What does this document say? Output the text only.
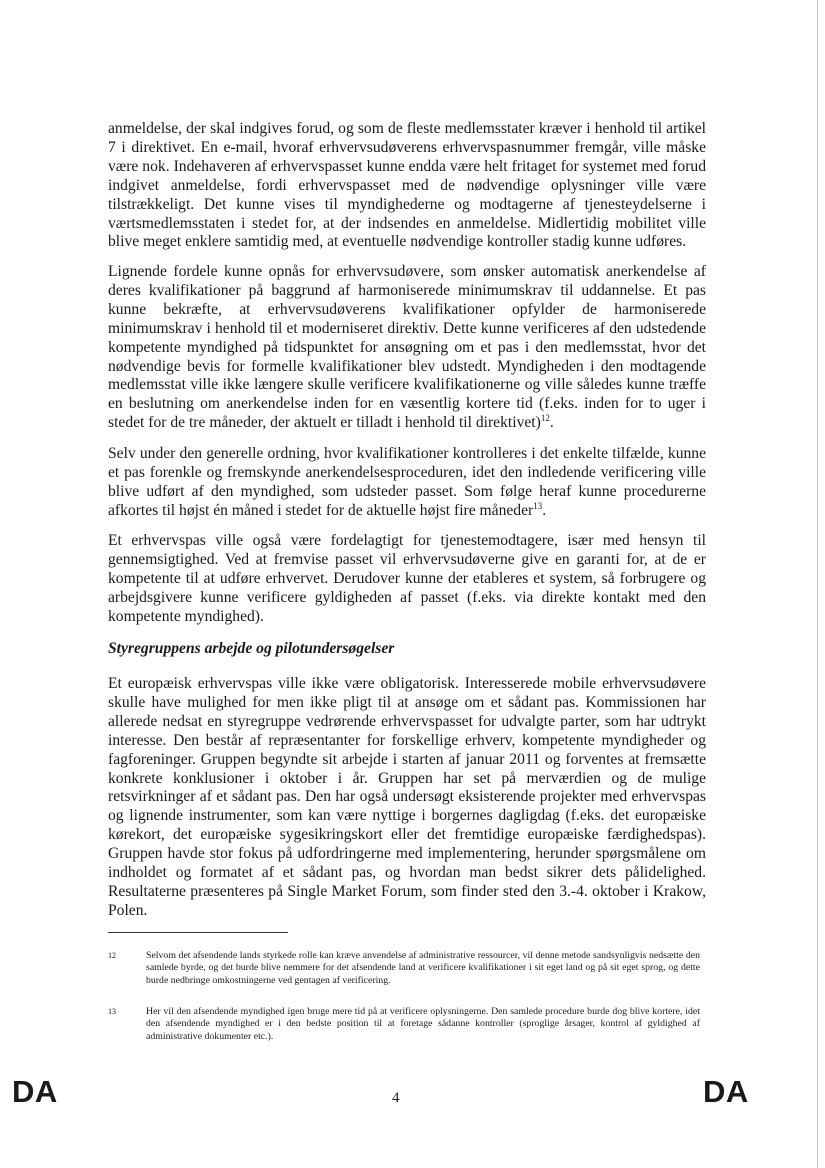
anmeldelse, der skal indgives forud, og som de fleste medlemsstater kræver i henhold til artikel 7 i direktivet. En e-mail, hvoraf erhvervsudøverens erhvervspasnummer fremgår, ville måske være nok. Indehaveren af erhvervspasset kunne endda være helt fritaget for systemet med forud indgivet anmeldelse, fordi erhvervspasset med de nødvendige oplysninger ville være tilstrækkeligt. Det kunne vises til myndighederne og modtagerne af tjenesteydelserne i værtsmedlemsstaten i stedet for, at der indsendes en anmeldelse. Midlertidig mobilitet ville blive meget enklere samtidig med, at eventuelle nødvendige kontroller stadig kunne udføres.

Lignende fordele kunne opnås for erhvervsudøvere, som ønsker automatisk anerkendelse af deres kvalifikationer på baggrund af harmoniserede minimumskrav til uddannelse. Et pas kunne bekræfte, at erhvervsudøverens kvalifikationer opfylder de harmoniserede minimumskrav i henhold til et moderniseret direktiv. Dette kunne verificeres af den udstedende kompetente myndighed på tidspunktet for ansøgning om et pas i den medlemsstat, hvor det nødvendige bevis for formelle kvalifikationer blev udstedt. Myndigheden i den modtagende medlemsstat ville ikke længere skulle verificere kvalifikationerne og ville således kunne træffe en beslutning om anerkendelse inden for en væsentlig kortere tid (f.eks. inden for to uger i stedet for de tre måneder, der aktuelt er tilladt i henhold til direktivet)$^{12}$.

Selv under den generelle ordning, hvor kvalifikationer kontrolleres i det enkelte tilfælde, kunne et pas forenkle og fremskynde anerkendelsesproceduren, idet den indledende verificering ville blive udført af den myndighed, som udsteder passet. Som følge heraf kunne procedurerne afkortes til højst én måned i stedet for de aktuelle højst fire måneder$^{13}$.

Et erhvervspas ville også være fordelagtigt for tjenestemodtagere, især med hensyn til gennemsigtighed. Ved at fremvise passet vil erhvervsudøverne give en garanti for, at de er kompetente til at udføre erhvervet. Derudover kunne der etableres et system, så forbrugere og arbejdsgivere kunne verificere gyldigheden af passet (f.eks. via direkte kontakt med den kompetente myndighed).

Styregruppens arbejde og pilotundersøgelser

Et europæisk erhvervspas ville ikke være obligatorisk. Interesserede mobile erhvervsudøvere skulle have mulighed for men ikke pligt til at ansøge om et sådant pas. Kommissionen har allerede nedsat en styregruppe vedrørende erhvervspasset for udvalgte parter, som har udtrykt interesse. Den består af repræsentanter for forskellige erhverv, kompetente myndigheder og fagforeninger. Gruppen begyndte sit arbejde i starten af januar 2011 og forventes at fremsætte konkrete konklusioner i oktober i år. Gruppen har set på merværdien og de mulige retsvirkninger af et sådant pas. Den har også undersøgt eksisterende projekter med erhvervspas og lignende instrumenter, som kan være nyttige i borgernes dagligdag (f.eks. det europæiske kørekort, det europæiske sygesikringskort eller det fremtidige europæiske færdighedspas). Gruppen havde stor fokus på udfordringerne med implementering, herunder spørgsmålene om indholdet og formatet af et sådant pas, og hvordan man bedst sikrer dets pålidelighed. Resultaterne præsenteres på Single Market Forum, som finder sted den 3.-4. oktober i Krakow, Polen.

12	Selvom det afsendende lands styrkede rolle kan kræve anvendelse af administrative ressourcer, vil denne metode sandsynligvis nedsætte den samlede byrde, og det burde blive nemmere for det afsendende land at verificere kvalifikationer i sit eget land og på sit eget sprog, og dette burde nedbringe omkostningerne ved gentagen af verificering.
13	Her vil den afsendende myndighed igen bruge mere tid på at verificere oplysningerne. Den samlede procedure burde dog blive kortere, idet den afsendende myndighed er i den bedste position til at foretage sådanne kontroller (sproglige årsager, kontrol af gyldighed af administrative dokumenter etc.).
DA	4	DA
